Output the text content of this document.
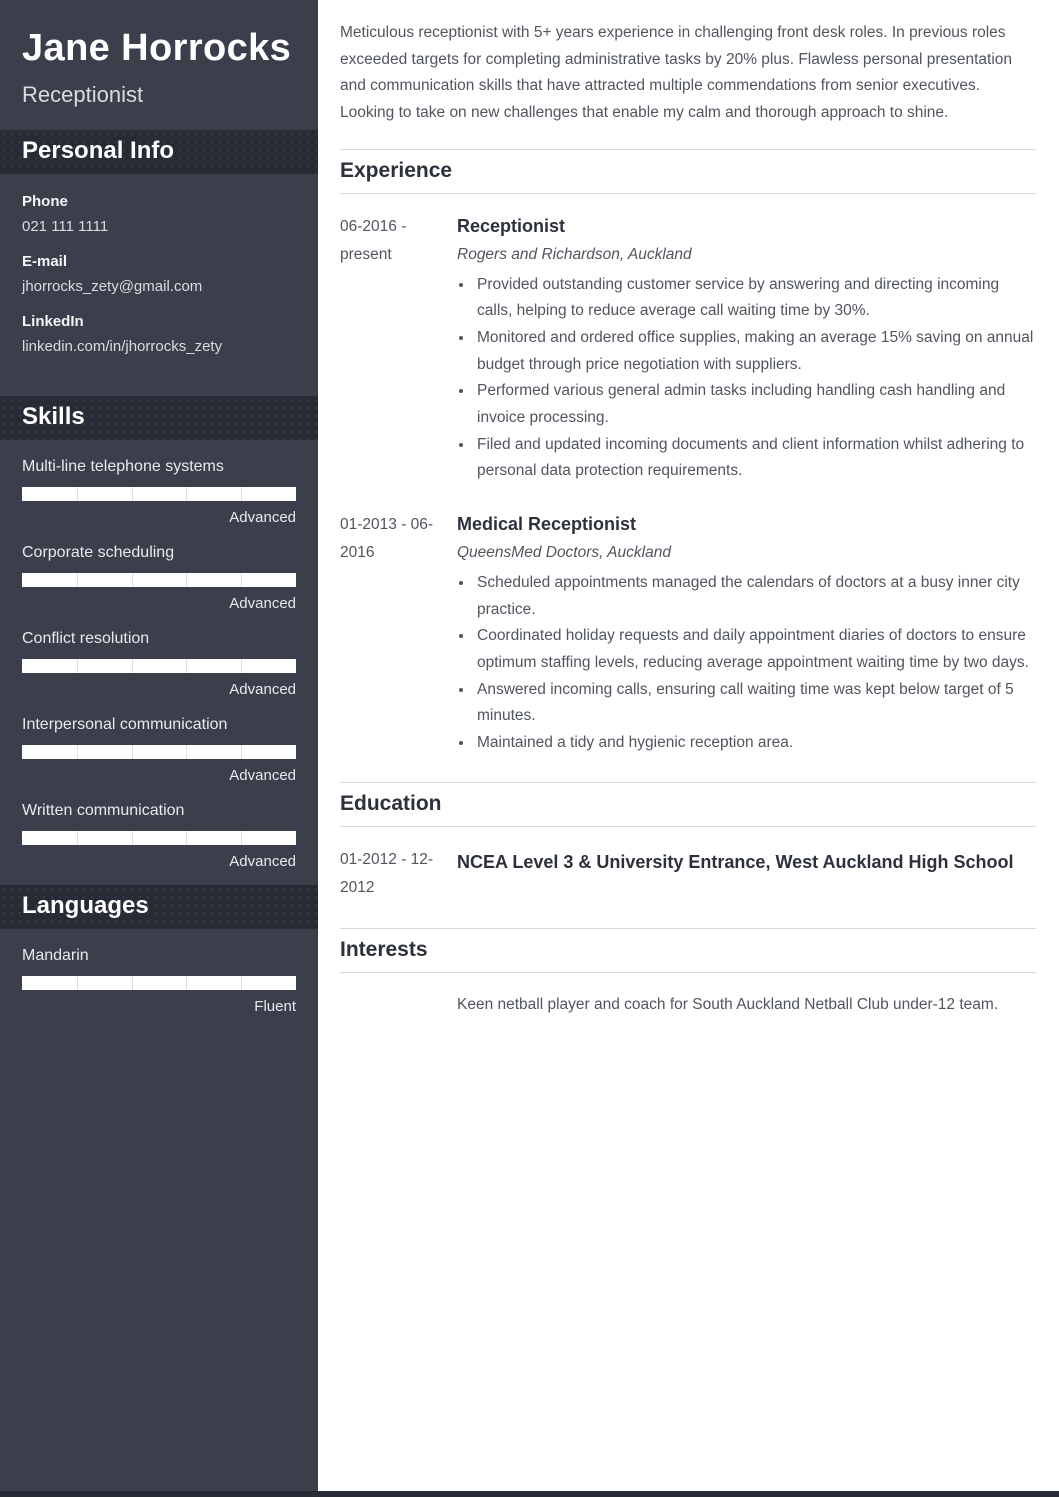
Jane Horrocks
Receptionist
Personal Info
Phone
021 111 1111
E-mail
jhorrocks_zety@gmail.com
LinkedIn
linkedin.com/in/jhorrocks_zety
Skills
Multi-line telephone systems
Advanced
Corporate scheduling
Advanced
Conflict resolution
Advanced
Interpersonal communication
Advanced
Written communication
Advanced
Languages
Mandarin
Fluent
Meticulous receptionist with 5+ years experience in challenging front desk roles. In previous roles exceeded targets for completing administrative tasks by 20% plus. Flawless personal presentation and communication skills that have attracted multiple commendations from senior executives. Looking to take on new challenges that enable my calm and thorough approach to shine.
Experience
06-2016 - present
Receptionist
Rogers and Richardson, Auckland
• Provided outstanding customer service by answering and directing incoming calls, helping to reduce average call waiting time by 30%.
• Monitored and ordered office supplies, making an average 15% saving on annual budget through price negotiation with suppliers.
• Performed various general admin tasks including handling cash handling and invoice processing.
• Filed and updated incoming documents and client information whilst adhering to personal data protection requirements.
01-2013 - 06-2016
Medical Receptionist
QueensMed Doctors, Auckland
• Scheduled appointments managed the calendars of doctors at a busy inner city practice.
• Coordinated holiday requests and daily appointment diaries of doctors to ensure optimum staffing levels, reducing average appointment waiting time by two days.
• Answered incoming calls, ensuring call waiting time was kept below target of 5 minutes.
• Maintained a tidy and hygienic reception area.
Education
01-2012 - 12-2012
NCEA Level 3 & University Entrance, West Auckland High School
Interests
Keen netball player and coach for South Auckland Netball Club under-12 team.
